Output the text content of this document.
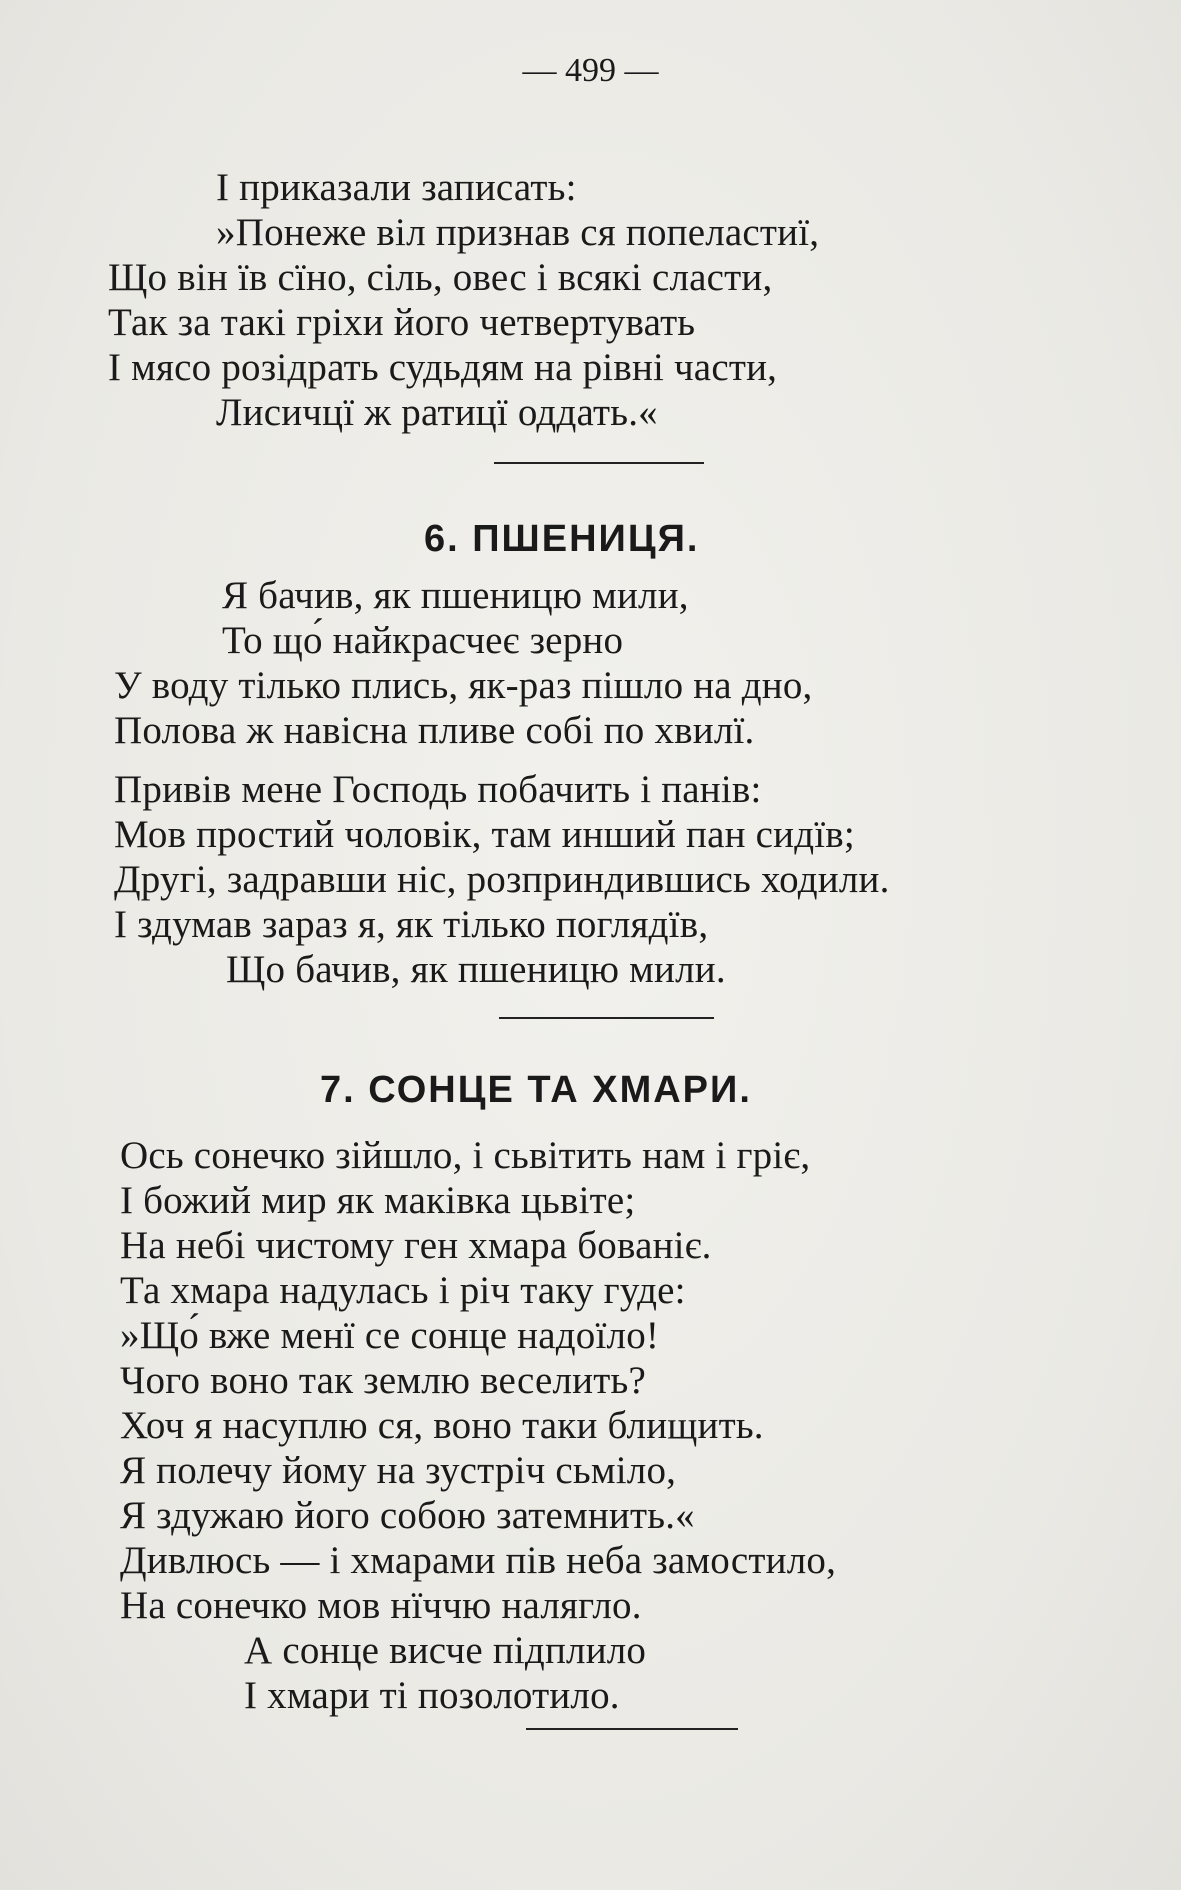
— 499 —
І приказали записать:
»Понеже віл признав ся попеластиї,
Що він їв сїно, сіль, овес і всякі сласти,
Так за такі гріхи його четвертувать
І мясо розідрать судьдям на рівні части,
Лисичцї ж ратицї оддать.«
6. ПШЕНИЦЯ.
Я бачив, як пшеницю мили,
То що́ найкрасчеє зерно
У воду тілько плись, як-раз пішло на дно,
Полова ж навісна пливе собі по хвилї.
Привів мене Господь побачить і панів:
Мов простий чоловік, там инший пан сидїв;
Другі, задравши ніс, розприндившись ходили.
І здумав зараз я, як тілько поглядїв,
Що бачив, як пшеницю мили.
7. СОНЦЕ ТА ХМАРИ.
Ось сонечко зійшло, і сьвітить нам і гріє,
І божий мир як маківка цьвіте;
На небі чистому ген хмара бованіє.
Та хмара надулась і річ таку гуде:
»Що́ вже менї се сонце надоїло!
Чого воно так землю веселить?
Хоч я насуплю ся, воно таки блищить.
Я полечу йому на зустріч сьміло,
Я здужаю його собою затемнить.«
Дивлюсь — і хмарами пів неба замостило,
На сонечко мов нїччю налягло.
А сонце висче підплило
І хмари ті позолотило.
